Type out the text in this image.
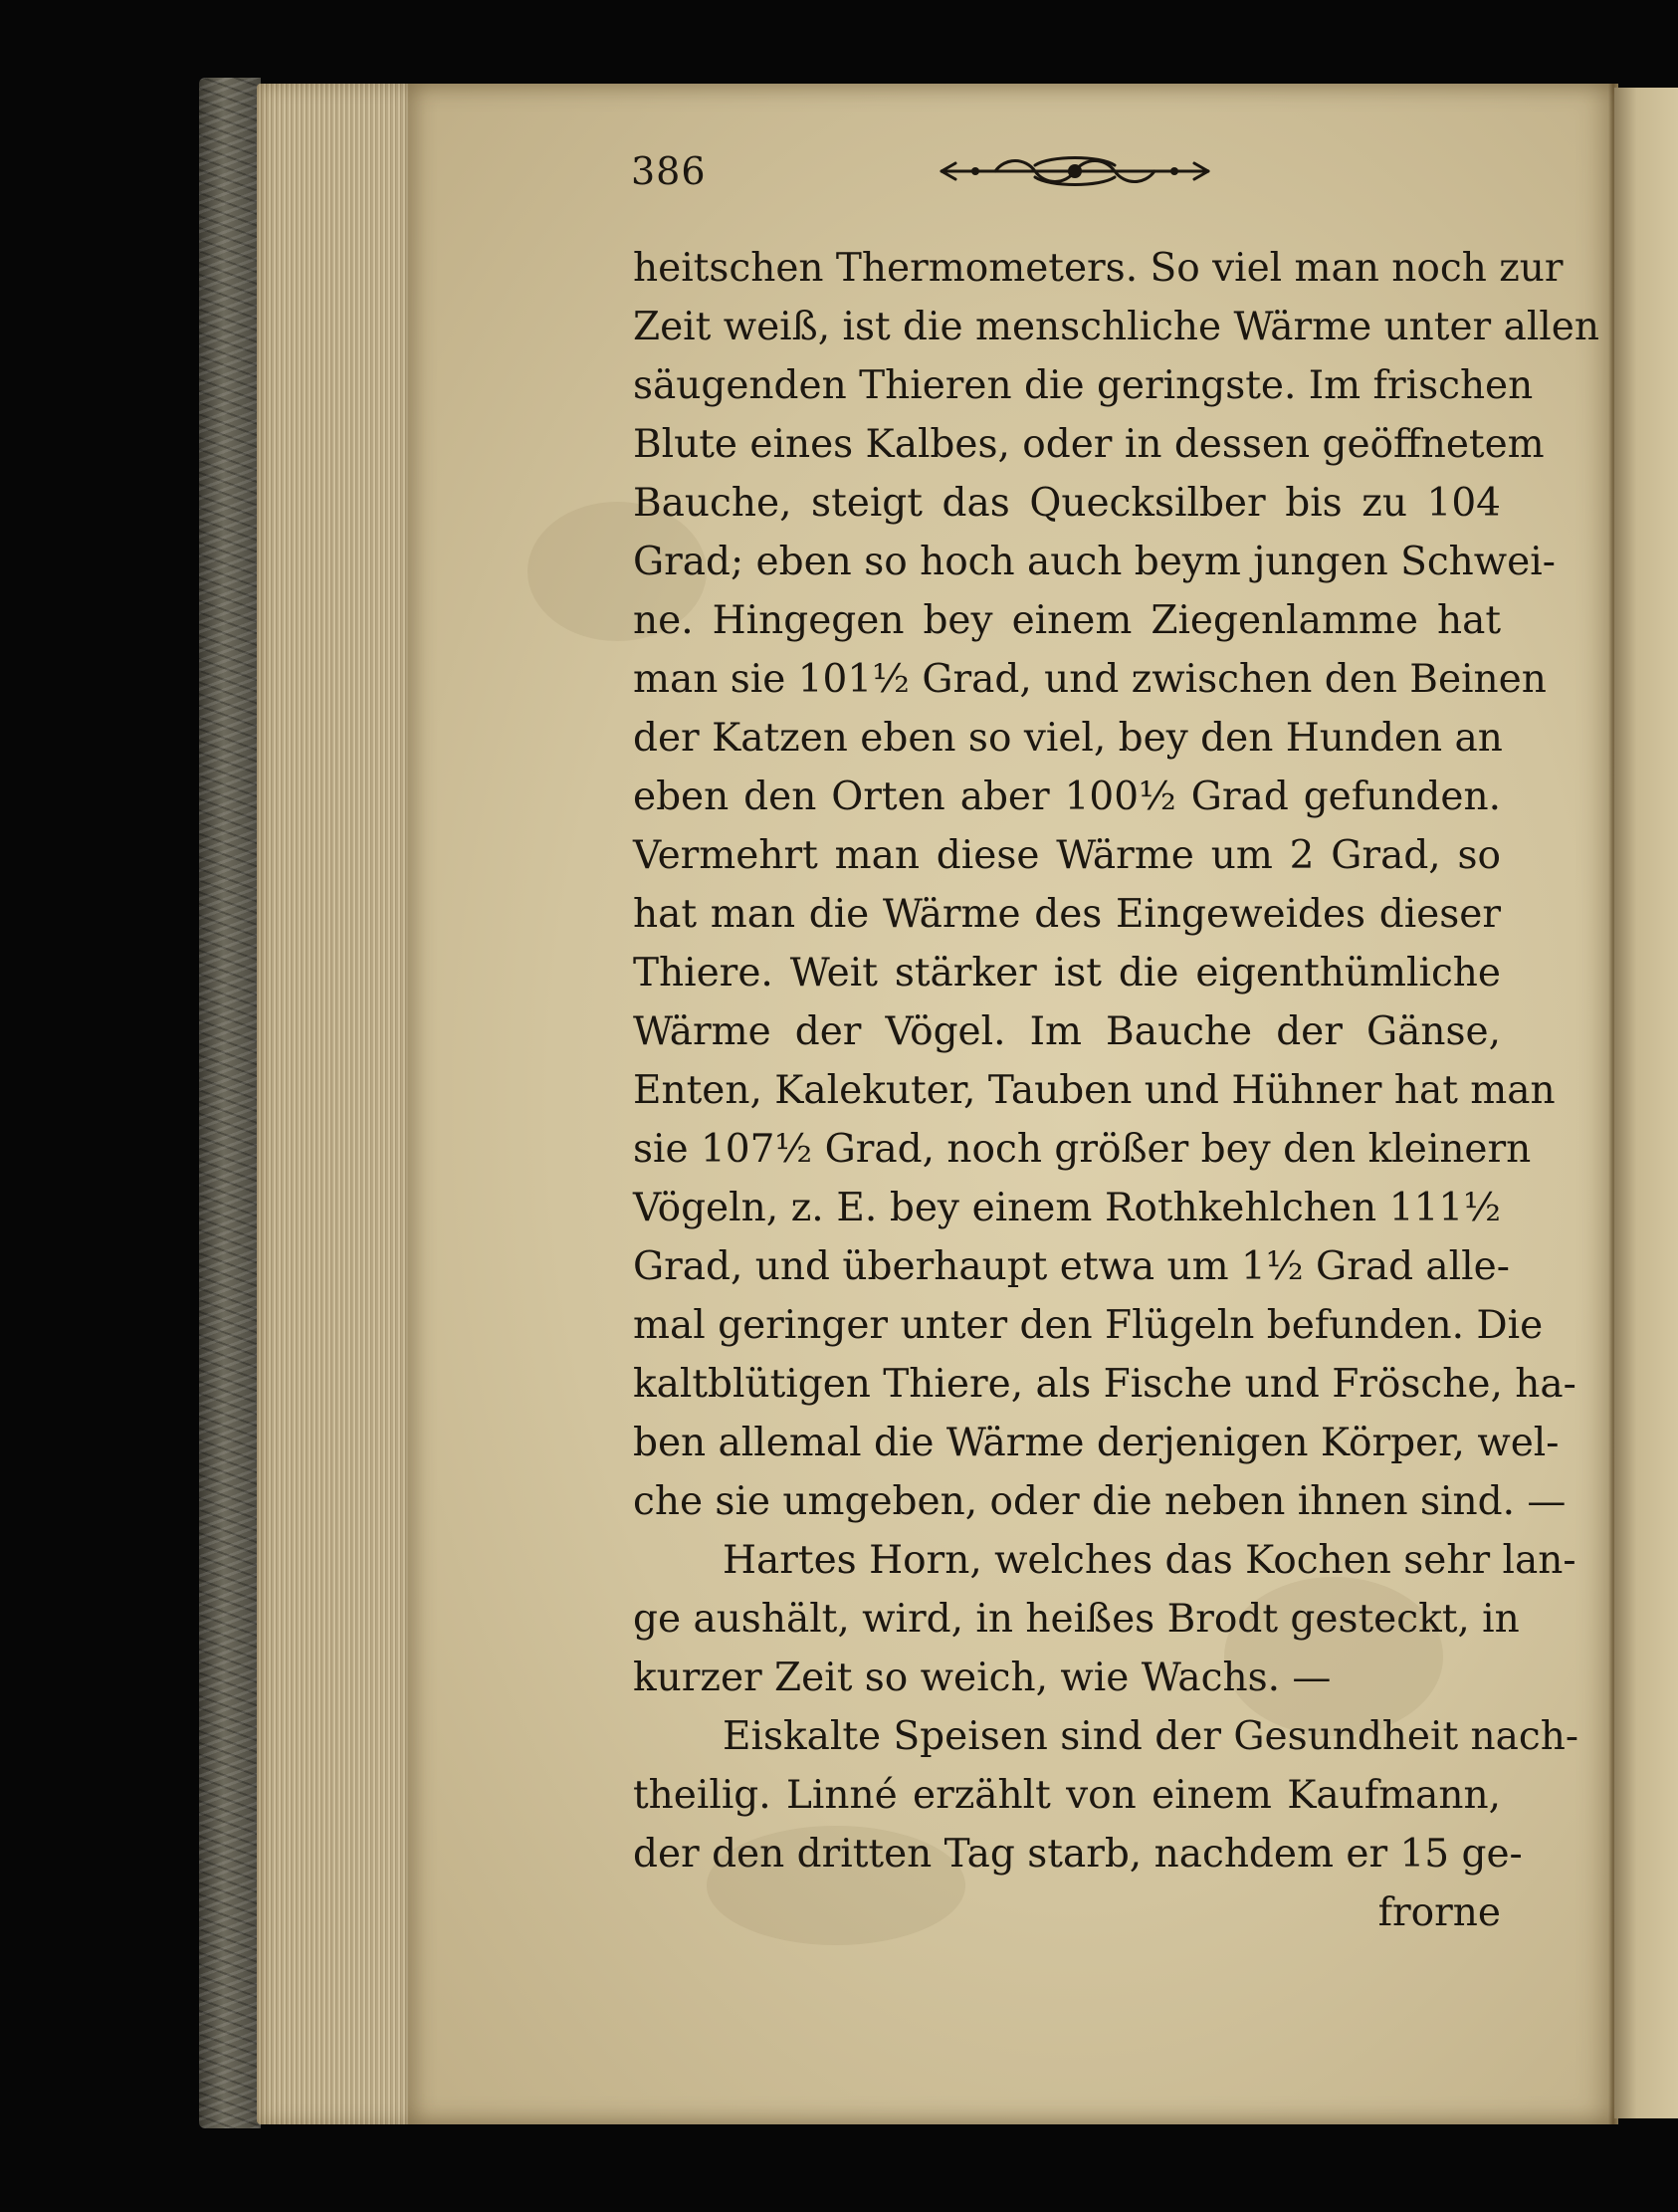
386
heitschen Thermometers. So viel man noch zur
Zeit weiß, ist die menschliche Wärme unter allen
säugenden Thieren die geringste. Im frischen
Blute eines Kalbes, oder in dessen geöffnetem
Bauche, steigt das Quecksilber bis zu 104
Grad; eben so hoch auch beym jungen Schwei-
ne. Hingegen bey einem Ziegenlamme hat
man sie 101½ Grad, und zwischen den Beinen
der Katzen eben so viel, bey den Hunden an
eben den Orten aber 100½ Grad gefunden.
Vermehrt man diese Wärme um 2 Grad, so
hat man die Wärme des Eingeweides dieser
Thiere. Weit stärker ist die eigenthümliche
Wärme der Vögel. Im Bauche der Gänse,
Enten, Kalekuter, Tauben und Hühner hat man
sie 107½ Grad, noch größer bey den kleinern
Vögeln, z. E. bey einem Rothkehlchen 111½
Grad, und überhaupt etwa um 1½ Grad alle-
mal geringer unter den Flügeln befunden. Die
kaltblütigen Thiere, als Fische und Frösche, ha-
ben allemal die Wärme derjenigen Körper, wel-
che sie umgeben, oder die neben ihnen sind. —
Hartes Horn, welches das Kochen sehr lan-
ge aushält, wird, in heißes Brodt gesteckt, in
kurzer Zeit so weich, wie Wachs. —
Eiskalte Speisen sind der Gesundheit nach-
theilig. Linné erzählt von einem Kaufmann,
der den dritten Tag starb, nachdem er 15 ge-
frorne
